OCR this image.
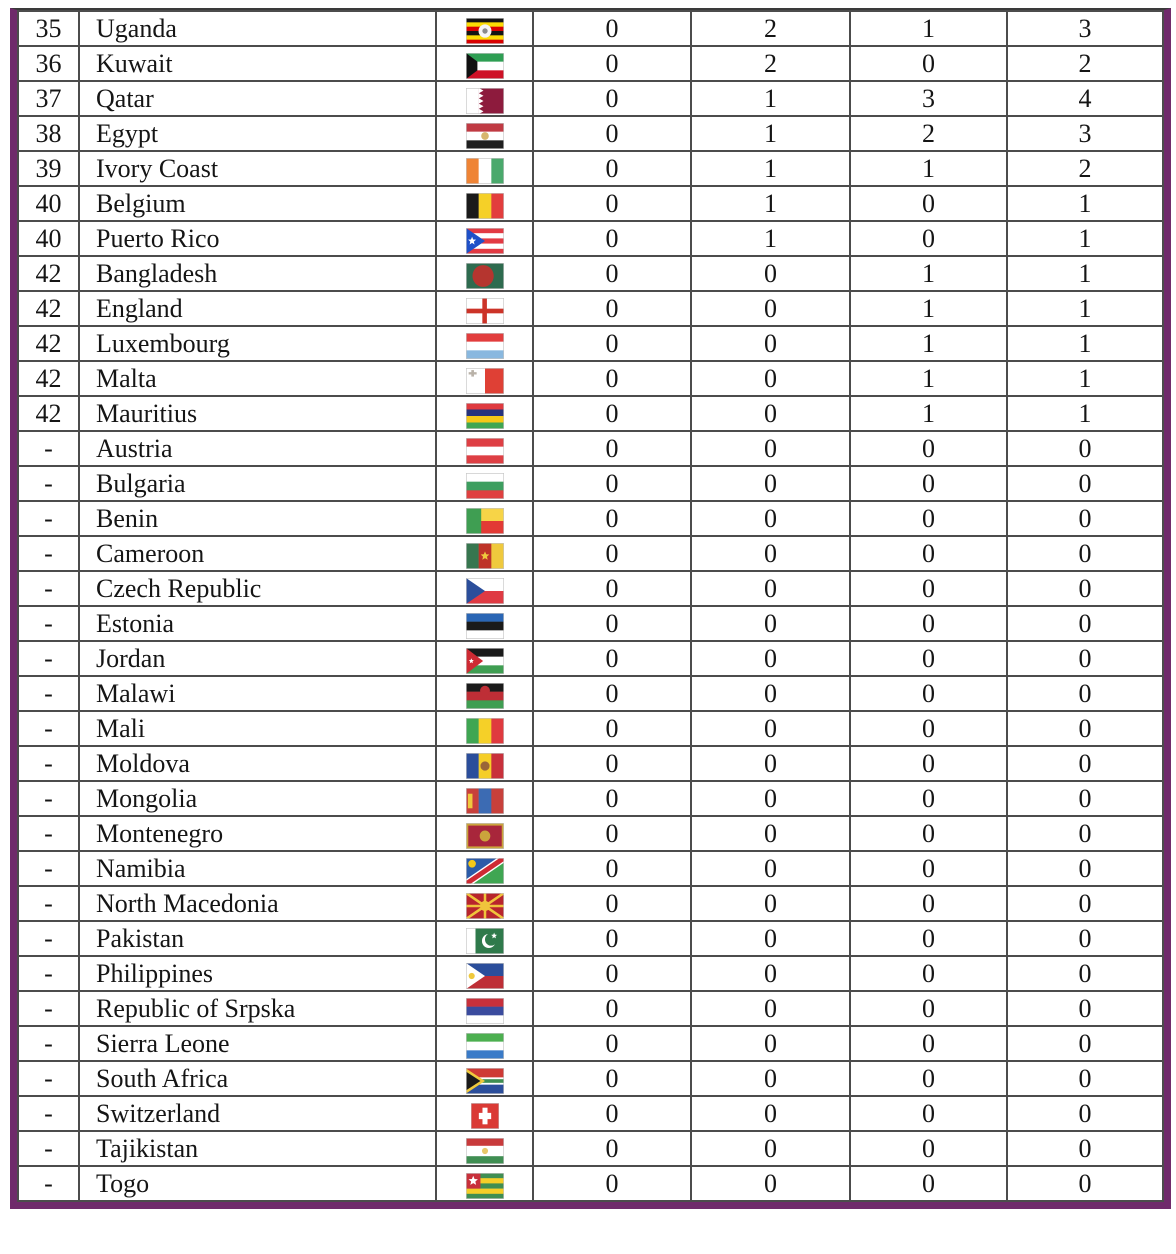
35	Uganda		0	2	1	3
36	Kuwait		0	2	0	2
37	Qatar		0	1	3	4
38	Egypt		0	1	2	3
39	Ivory Coast		0	1	1	2
40	Belgium		0	1	0	1
40	Puerto Rico		0	1	0	1
42	Bangladesh		0	0	1	1
42	England		0	0	1	1
42	Luxembourg		0	0	1	1
42	Malta		0	0	1	1
42	Mauritius		0	0	1	1
-	Austria		0	0	0	0
-	Bulgaria		0	0	0	0
-	Benin		0	0	0	0
-	Cameroon		0	0	0	0
-	Czech Republic		0	0	0	0
-	Estonia		0	0	0	0
-	Jordan		0	0	0	0
-	Malawi		0	0	0	0
-	Mali		0	0	0	0
-	Moldova		0	0	0	0
-	Mongolia		0	0	0	0
-	Montenegro		0	0	0	0
-	Namibia		0	0	0	0
-	North Macedonia		0	0	0	0
-	Pakistan		0	0	0	0
-	Philippines		0	0	0	0
-	Republic of Srpska		0	0	0	0
-	Sierra Leone		0	0	0	0
-	South Africa		0	0	0	0
-	Switzerland		0	0	0	0
-	Tajikistan		0	0	0	0
-	Togo		0	0	0	0
